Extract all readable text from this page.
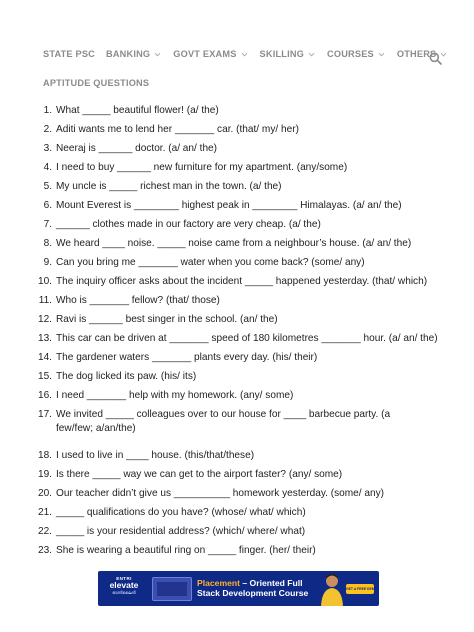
STATE PSC BANKING	GOVT EXAMS	SKILLING	COURSES	OTHERS
APTITUDE QUESTIONS
1. What _____ beautiful flower! (a/ the)
2. Aditi wants me to lend her _______ car. (that/ my/ her)
3. Neeraj is ______ doctor. (a/ an/ the)
4. I need to buy ______ new furniture for my apartment. (any/some)
5. My uncle is _____ richest man in the town. (a/ the)
6. Mount Everest is ________ highest peak in ________ Himalayas. (a/ an/ the)
7. ______ clothes made in our factory are very cheap. (a/ the)
8. We heard ____ noise. _____ noise came from a neighbour’s house. (a/ an/ the)
9. Can you bring me _______ water when you come back? (some/ any)
10. The inquiry officer asks about the incident _____ happened yesterday. (that/ which)
11. Who is _______ fellow? (that/ those)
12. Ravi is ______ best singer in the school. (an/ the)
13. This car can be driven at _______ speed of 180 kilometres _______ hour. (a/ an/ the)
14. The gardener waters _______ plants every day. (his/ their)
15. The dog licked its paw. (his/ its)
16. I need _______ help with my homework. (any/ some)
17. We invited _____ colleagues over to our house for ____ barbecue party. (a few/few; a/an/the)
18. I used to live in ____ house. (this/that/these)
19. Is there _____ way we can get to the airport faster? (any/ some)
20. Our teacher didn’t give us __________ homework yesterday. (some/ any)
21. _____ qualifications do you have? (whose/ what/ which)
22. _____ is your residential address? (which/ where/ what)
23. She is wearing a beautiful ring on _____ finger. (her/ their)
ENTRI
elevate
ഓൺലൈൻ
Placement – Oriented Full Stack Development Course	GET A FREE DEMO
